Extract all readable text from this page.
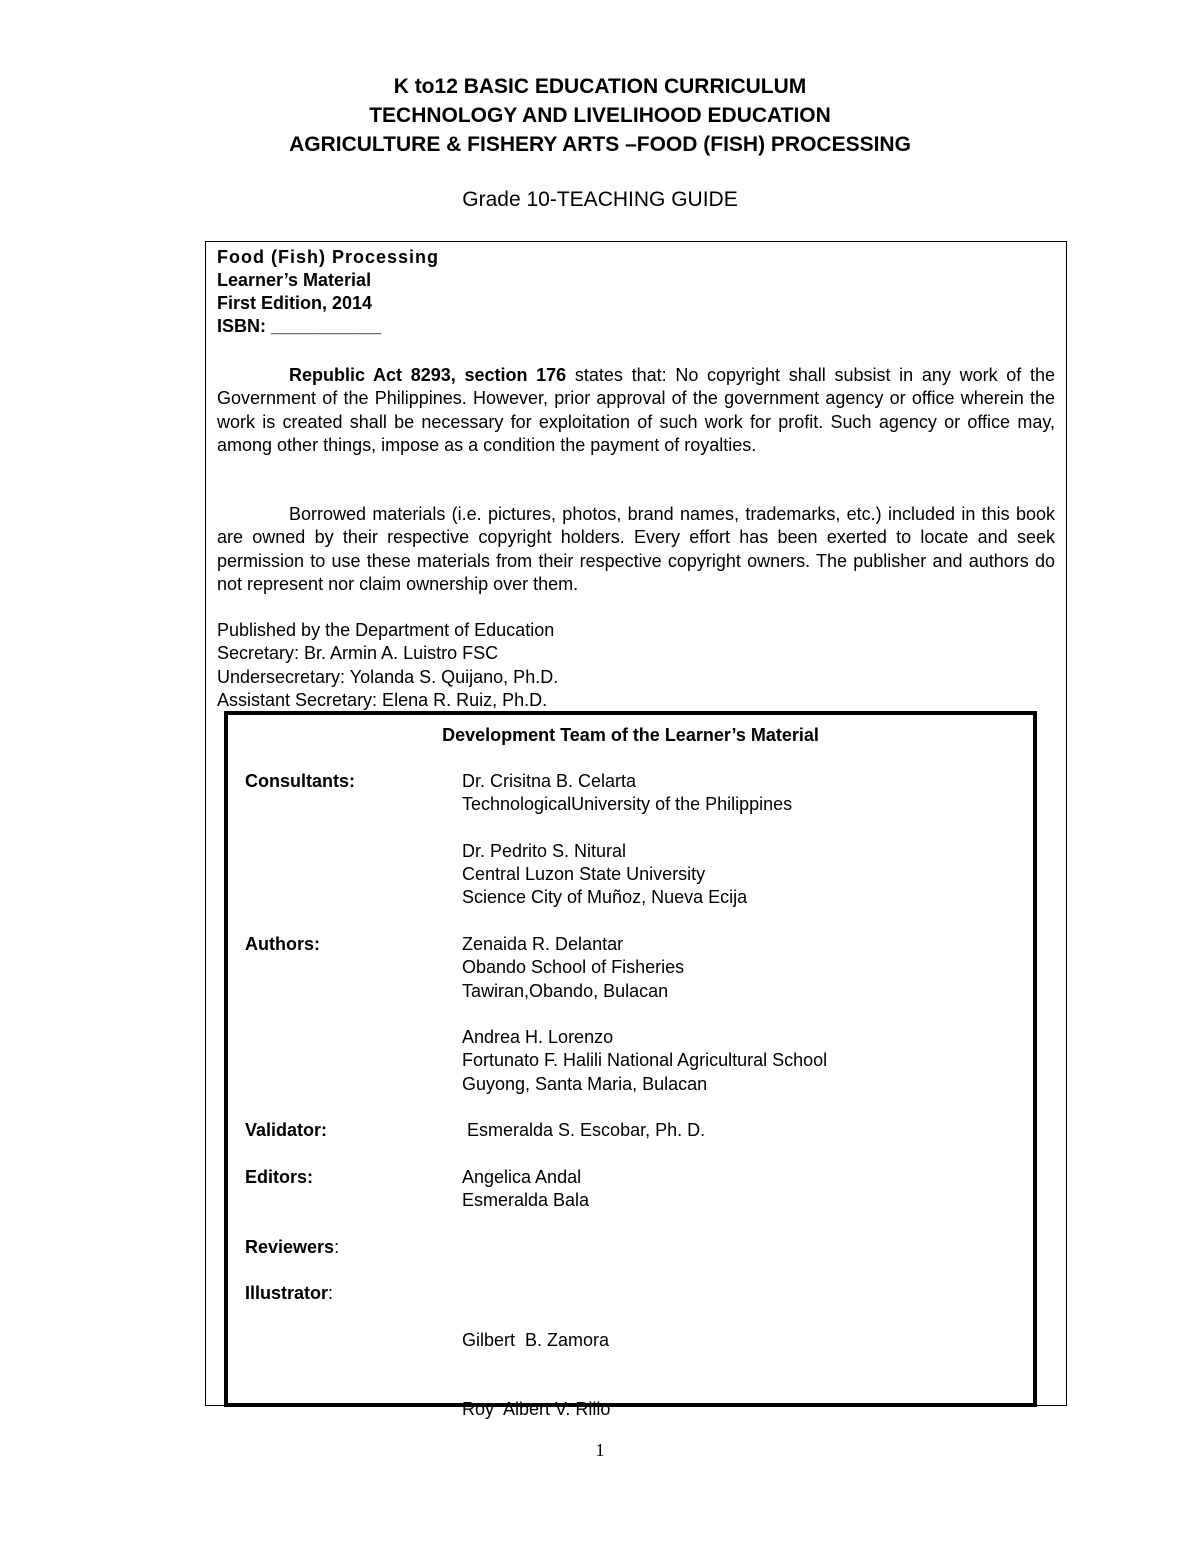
K to12 BASIC EDUCATION CURRICULUM
TECHNOLOGY AND LIVELIHOOD EDUCATION
AGRICULTURE & FISHERY ARTS –FOOD (FISH) PROCESSING
Grade 10-TEACHING GUIDE
Food (Fish) Processing
Learner’s Material
First Edition, 2014
ISBN: ___________
Republic Act 8293, section 176 states that: No copyright shall subsist in any work of the Government of the Philippines. However, prior approval of the government agency or office wherein the work is created shall be necessary for exploitation of such work for profit. Such agency or office may, among other things, impose as a condition the payment of royalties.
Borrowed materials (i.e. pictures, photos, brand names, trademarks, etc.) included in this book are owned by their respective copyright holders. Every effort has been exerted to locate and seek permission to use these materials from their respective copyright owners. The publisher and authors do not represent nor claim ownership over them.
Published by the Department of Education
Secretary: Br. Armin A. Luistro FSC
Undersecretary: Yolanda S. Quijano, Ph.D.
Assistant Secretary: Elena R. Ruiz, Ph.D.
Development Team of the Learner’s Material
Consultants:	Dr. Crisitna B. Celarta
TechnologicalUniversity of the Philippines

Dr. Pedrito S. Nitural
Central Luzon State University
Science City of Muñoz, Nueva Ecija
Authors:	Zenaida R. Delantar
Obando School of Fisheries
Tawiran,Obando, Bulacan

Andrea H. Lorenzo
Fortunato F. Halili National Agricultural School
Guyong, Santa Maria, Bulacan
Validator:	Esmeralda S. Escobar, Ph. D.
Editors:	Angelica Andal
Esmeralda Bala
Reviewers:
Illustrator:

Gilbert  B. Zamora

Roy  Albert V. Rillo

1
